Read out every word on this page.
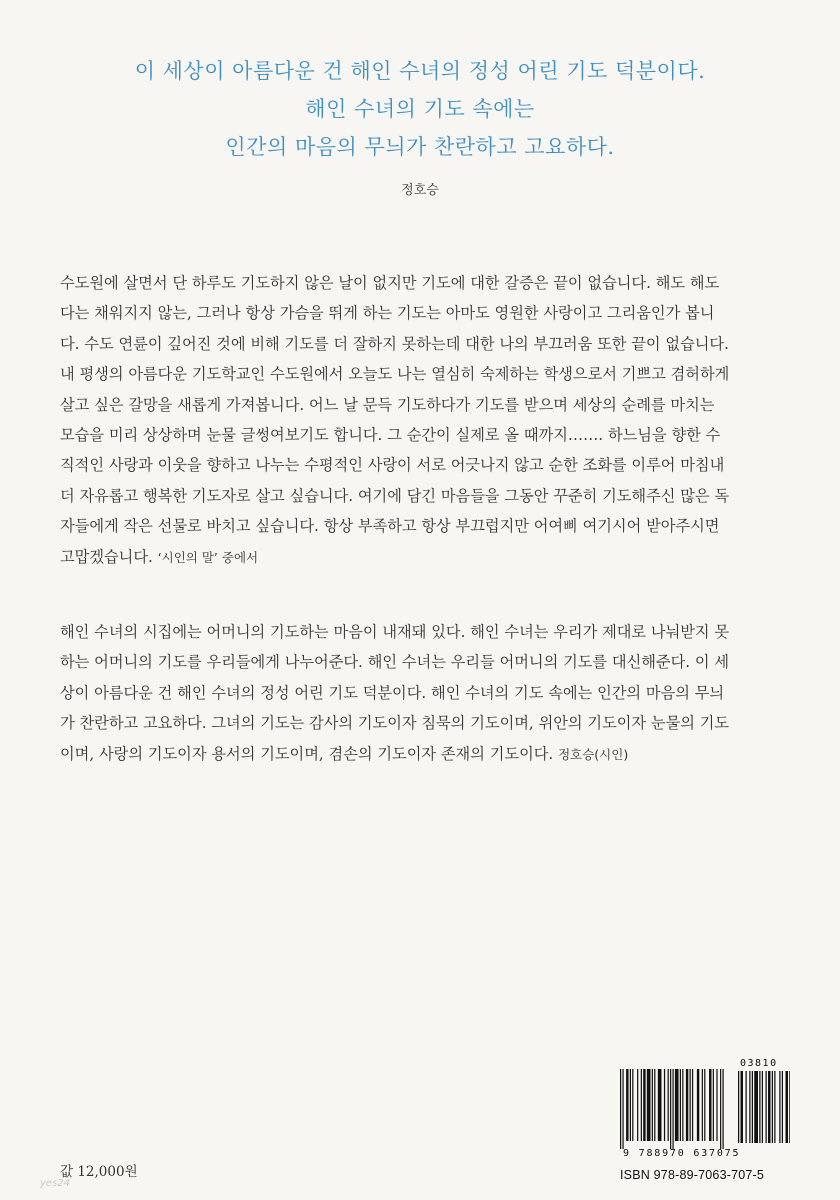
이 세상이 아름다운 건 해인 수녀의 정성 어린 기도 덕분이다.
해인 수녀의 기도 속에는
인간의 마음의 무늬가 찬란하고 고요하다.
정호승
수도원에 살면서 단 하루도 기도하지 않은 날이 없지만 기도에 대한 갈증은 끝이 없습니다. 해도 해도
다는 채워지지 않는, 그러나 항상 가슴을 뛰게 하는 기도는 아마도 영원한 사랑이고 그리움인가 봅니
다. 수도 연륜이 깊어진 것에 비해 기도를 더 잘하지 못하는데 대한 나의 부끄러움 또한 끝이 없습니다.
내 평생의 아름다운 기도학교인 수도원에서 오늘도 나는 열심히 숙제하는 학생으로서 기쁘고 겸허하게
살고 싶은 갈망을 새롭게 가져봅니다. 어느 날 문득 기도하다가 기도를 받으며 세상의 순례를 마치는
모습을 미리 상상하며 눈물 글썽여보기도 합니다. 그 순간이 실제로 올 때까지……. 하느님을 향한 수
직적인 사랑과 이웃을 향하고 나누는 수평적인 사랑이 서로 어긋나지 않고 순한 조화를 이루어 마침내
더 자유롭고 행복한 기도자로 살고 싶습니다. 여기에 담긴 마음들을 그동안 꾸준히 기도해주신 많은 독
자들에게 작은 선물로 바치고 싶습니다. 항상 부족하고 항상 부끄럽지만 어여삐 여기시어 받아주시면
고맙겠습니다. ‘시인의 말’ 중에서
해인 수녀의 시집에는 어머니의 기도하는 마음이 내재돼 있다. 해인 수녀는 우리가 제대로 나눠받지 못
하는 어머니의 기도를 우리들에게 나누어준다. 해인 수녀는 우리들 어머니의 기도를 대신해준다. 이 세
상이 아름다운 건 해인 수녀의 정성 어린 기도 덕분이다. 해인 수녀의 기도 속에는 인간의 마음의 무늬
가 찬란하고 고요하다. 그녀의 기도는 감사의 기도이자 침묵의 기도이며, 위안의 기도이자 눈물의 기도
이며, 사랑의 기도이자 용서의 기도이며, 겸손의 기도이자 존재의 기도이다. 정호승(시인)
03810
9 788970 637075
ISBN 978-89-7063-707-5
값 12,000원
yes24
